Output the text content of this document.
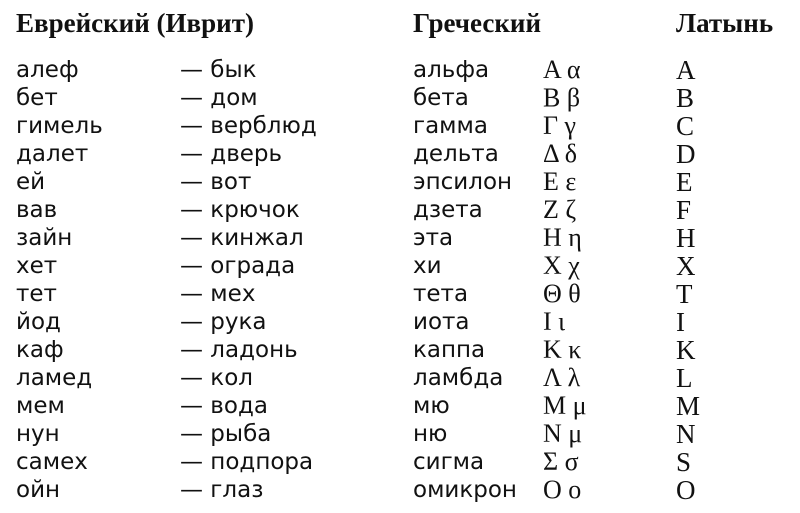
Еврейский (Иврит)	Греческий	Латынь
алеф	— бык	альфа Α α	A
бет	— дом	бета	Β β	B
гимель	— верблюд	гамма Γ γ	C
далет	— дверь	дельта Δ δ	D
ей	— вот	эпсилон Ε ε	E
вав	— крючок	дзета Ζ ζ	F
зайн	— кинжал	эта	Η η	H
хет	— ограда	хи	Χ χ	X
тет	— мех	тета	Θ θ	T
йод	— рука	иота	Ι ι	I
каф	— ладонь	каппа Κ κ	K
ламед	— кол	ламбда Λ λ	L
мем	— вода	мю	Μ μ	M
нун	— рыба	ню	Ν μ	N
самех	— подпора	сигма Σ σ	S
ойн	— глаз	омикрон Ο ο	O
